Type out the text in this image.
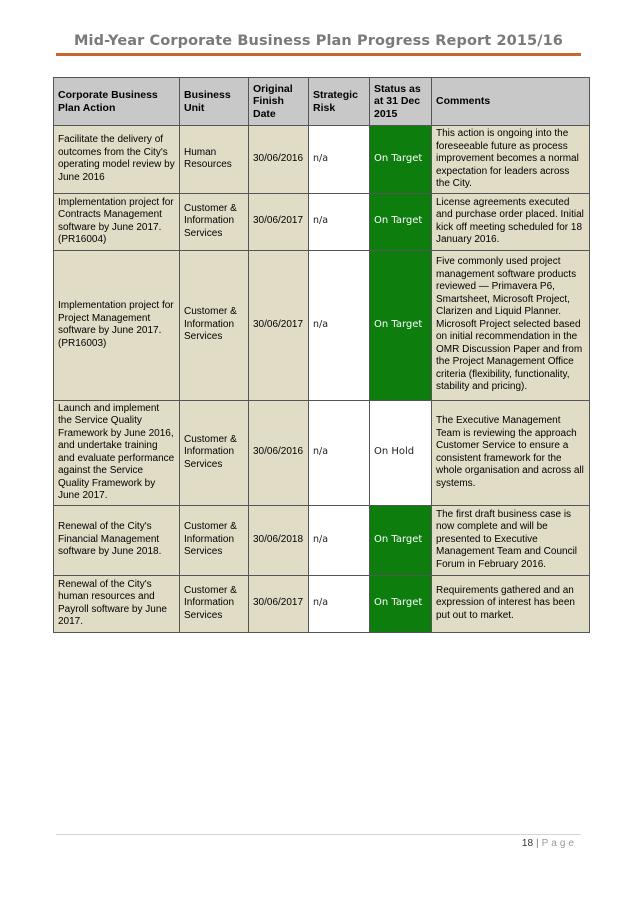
Mid-Year Corporate Business Plan Progress Report 2015/16
Corporate Business Plan Action	Business Unit	Original Finish Date	Strategic Risk	Status as at 31 Dec 2015	Comments
Facilitate the delivery of outcomes from the City's operating model review by June 2016	Human Resources	30/06/2016	n/a	On Target	This action is ongoing into the foreseeable future as process improvement becomes a normal expectation for leaders across the City.
Implementation project for Contracts Management software by June 2017. (PR16004)	Customer & Information Services	30/06/2017	n/a	On Target	License agreements executed and purchase order placed. Initial kick off meeting scheduled for 18 January 2016.
Implementation project for Project Management software by June 2017. (PR16003)	Customer & Information Services	30/06/2017	n/a	On Target	Five commonly used project management software products reviewed — Primavera P6, Smartsheet, Microsoft Project, Clarizen and Liquid Planner. Microsoft Project selected based on initial recommendation in the OMR Discussion Paper and from the Project Management Office criteria (flexibility, functionality, stability and pricing).
Launch and implement the Service Quality Framework by June 2016, and undertake training and evaluate performance against the Service Quality Framework by June 2017.	Customer & Information Services	30/06/2016	n/a	On Hold	The Executive Management Team is reviewing the approach Customer Service to ensure a consistent framework for the whole organisation and across all systems.
Renewal of the City's Financial Management software by June 2018.	Customer & Information Services	30/06/2018	n/a	On Target	The first draft business case is now complete and will be presented to Executive Management Team and Council Forum in February 2016.
Renewal of the City's human resources and Payroll software by June 2017.	Customer & Information Services	30/06/2017	n/a	On Target	Requirements gathered and an expression of interest has been put out to market.
18 | Page
